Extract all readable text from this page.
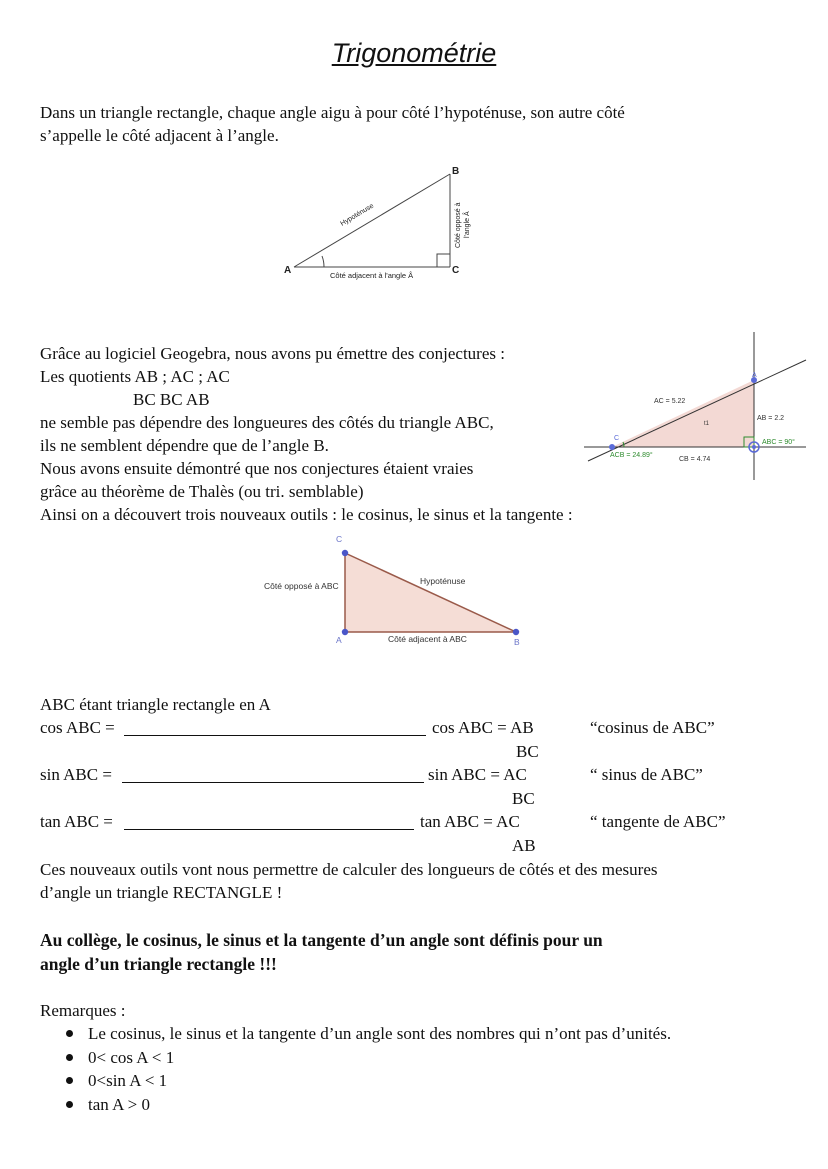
Trigonométrie
Dans un triangle rectangle, chaque angle aigu à pour côté l’hypoténuse, son autre côté
s’appelle le côté adjacent à l’angle.
A
B
C
Hypoténuse
Côté adjacent à l'angle Â
Côté opposé à l'angle Â
Grâce au logiciel Geogebra, nous avons pu émettre des conjectures :
Les quotients AB ; AC ; AC
BC BC AB
ne semble pas dépendre des longueures des côtés du triangle ABC,
ils ne semblent dépendre que de l’angle B.
Nous avons ensuite démontré que nos conjectures étaient vraies
grâce au théorème de Thalès (ou tri. semblable)
Ainsi on a découvert trois nouveaux outils : le cosinus, le sinus et la tangente :
AC = 5.22
AB = 2.2
CB = 4.74
ACB = 24.89°
ABC = 90°
t1
A
C
C
A	B
Côté opposé à ABC	Hypoténuse
Côté adjacent à ABC
ABC étant triangle rectangle en A
cos ABC =	cos ABC = AB
BC
“cosinus de ABC”
sin ABC =	sin ABC = AC
BC
“ sinus de ABC”
tan ABC =	tan ABC = AC
AB
“ tangente de ABC”
Ces nouveaux outils vont nous permettre de calculer des longueurs de côtés et des mesures
d’angle un triangle RECTANGLE !
Au collège, le cosinus, le sinus et la tangente d’un angle sont définis pour un
angle d’un triangle rectangle !!!
Remarques :
Le cosinus, le sinus et la tangente d’un angle sont des nombres qui n’ont pas d’unités.
0< cos A < 1
0<sin A < 1
tan A > 0
